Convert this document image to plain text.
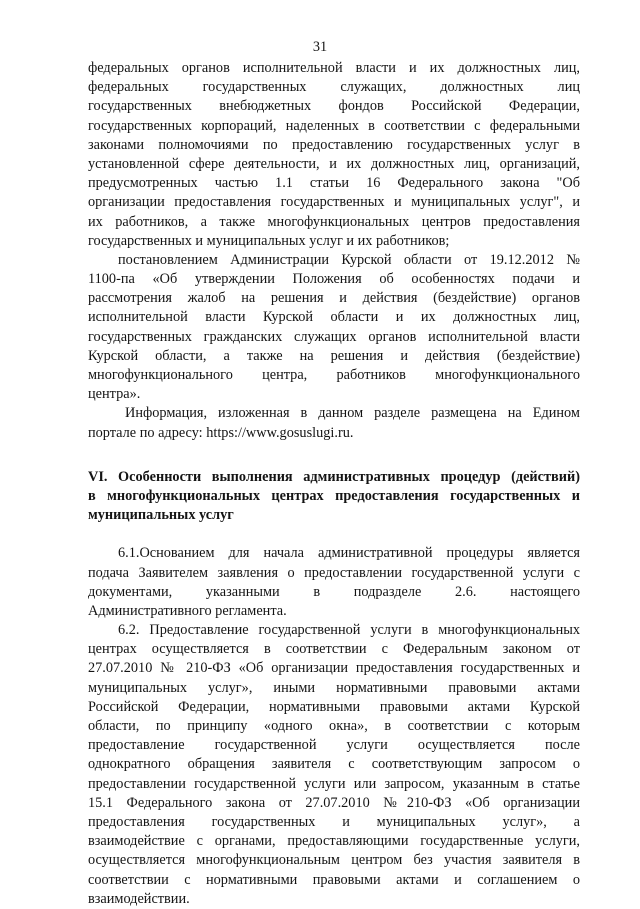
31
федеральных органов исполнительной власти и их должностных лиц,
федеральных государственных служащих, должностных лиц
государственных внебюджетных фондов Российской Федерации,
государственных корпораций, наделенных в соответствии с федеральными
законами полномочиями по предоставлению государственных услуг в
установленной сфере деятельности, и их должностных лиц, организаций,
предусмотренных частью 1.1 статьи 16 Федерального закона "Об
организации предоставления государственных и муниципальных услуг", и
их работников, а также многофункциональных центров предоставления
государственных и муниципальных услуг и их работников;
постановлением Администрации Курской области от 19.12.2012 №
1100-па «Об утверждении Положения об особенностях подачи и
рассмотрения жалоб на решения и действия (бездействие) органов
исполнительной власти Курской области и их должностных лиц,
государственных гражданских служащих органов исполнительной власти
Курской области, а также на решения и действия (бездействие)
многофункционального центра, работников многофункционального
центра».
Информация, изложенная в данном разделе размещена на Едином
портале по адресу: https://www.gosuslugi.ru.
VI. Особенности выполнения административных процедур (действий)
в многофункциональных центрах предоставления государственных и
муниципальных услуг
6.1.Основанием для начала административной процедуры является
подача Заявителем заявления о предоставлении государственной услуги с
документами, указанными в подразделе 2.6. настоящего
Административного регламента.
6.2. Предоставление государственной услуги в многофункциональных
центрах осуществляется в соответствии с Федеральным законом от
27.07.2010 № 210-ФЗ «Об организации предоставления государственных и
муниципальных услуг», иными нормативными правовыми актами
Российской Федерации, нормативными правовыми актами Курской
области, по принципу «одного окна», в соответствии с которым
предоставление государственной услуги осуществляется после
однократного обращения заявителя с соответствующим запросом о
предоставлении государственной услуги или запросом, указанным в статье
15.1 Федерального закона от 27.07.2010 №210-ФЗ «Об организации
предоставления государственных и муниципальных услуг», а
взаимодействие с органами, предоставляющими государственные услуги,
осуществляется многофункциональным центром без участия заявителя в
соответствии с нормативными правовыми актами и соглашением о
взаимодействии.
